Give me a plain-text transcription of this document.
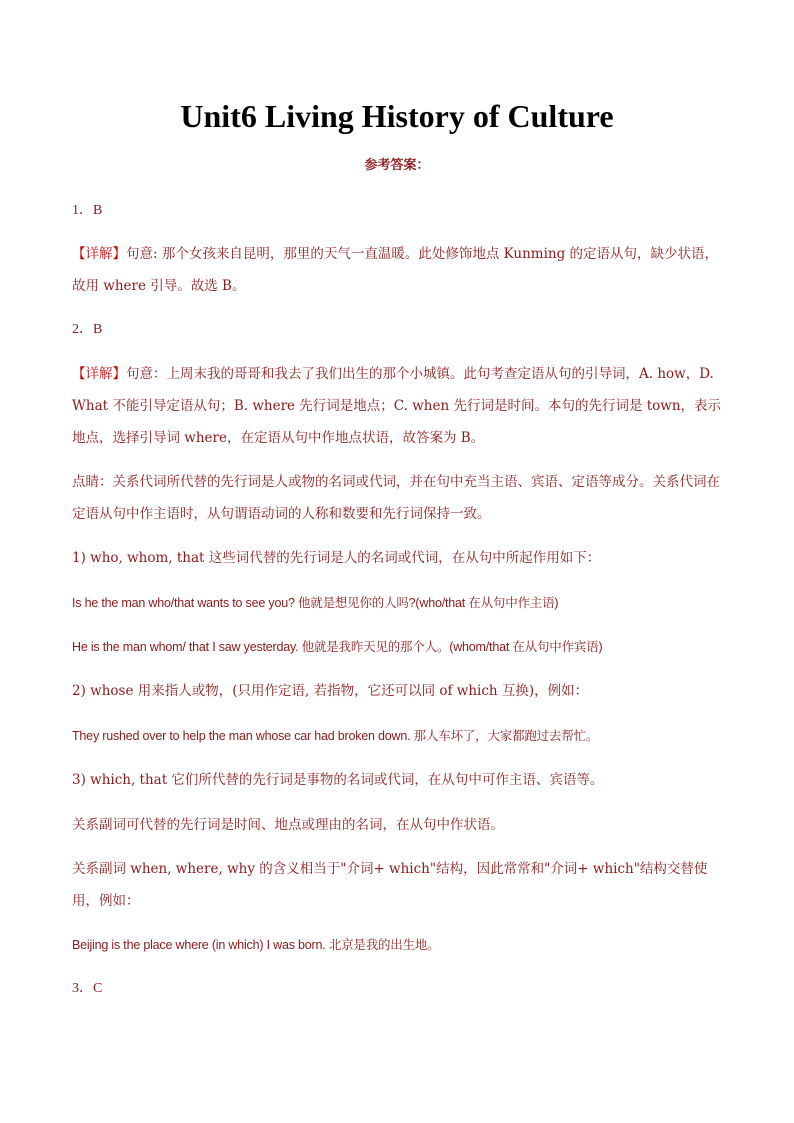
Unit6 Living History of Culture
参考答案：
1．B
【详解】句意: 那个女孩来自昆明，那里的天气一直温暖。此处修饰地点 Kunming 的定语从句，缺少状语，故用 where 引导。故选 B。
2．B
【详解】句意：上周末我的哥哥和我去了我们出生的那个小城镇。此句考查定语从句的引导词，A. how，D. What 不能引导定语从句；B. where 先行词是地点；C. when 先行词是时间。本句的先行词是 town，表示地点，选择引导词 where，在定语从句中作地点状语，故答案为 B。
点睛：关系代词所代替的先行词是人或物的名词或代词，并在句中充当主语、宾语、定语等成分。关系代词在定语从句中作主语时，从句谓语动词的人称和数要和先行词保持一致。
1) who, whom, that 这些词代替的先行词是人的名词或代词，在从句中所起作用如下：
Is he the man who/that wants to see you? 他就是想见你的人吗?(who/that 在从句中作主语)
He is the man whom/ that I saw yesterday. 他就是我昨天见的那个人。(whom/that 在从句中作宾语)
2) whose 用来指人或物，(只用作定语, 若指物，它还可以同 of which 互换)，例如：
They rushed over to help the man whose car had broken down. 那人车坏了，大家都跑过去帮忙。
3) which, that 它们所代替的先行词是事物的名词或代词，在从句中可作主语、宾语等。
关系副词可代替的先行词是时间、地点或理由的名词，在从句中作状语。
关系副词 when, where, why 的含义相当于"介词+ which"结构，因此常常和"介词+ which"结构交替使用，例如：
Beijing is the place where (in which) I was born. 北京是我的出生地。
3．C
